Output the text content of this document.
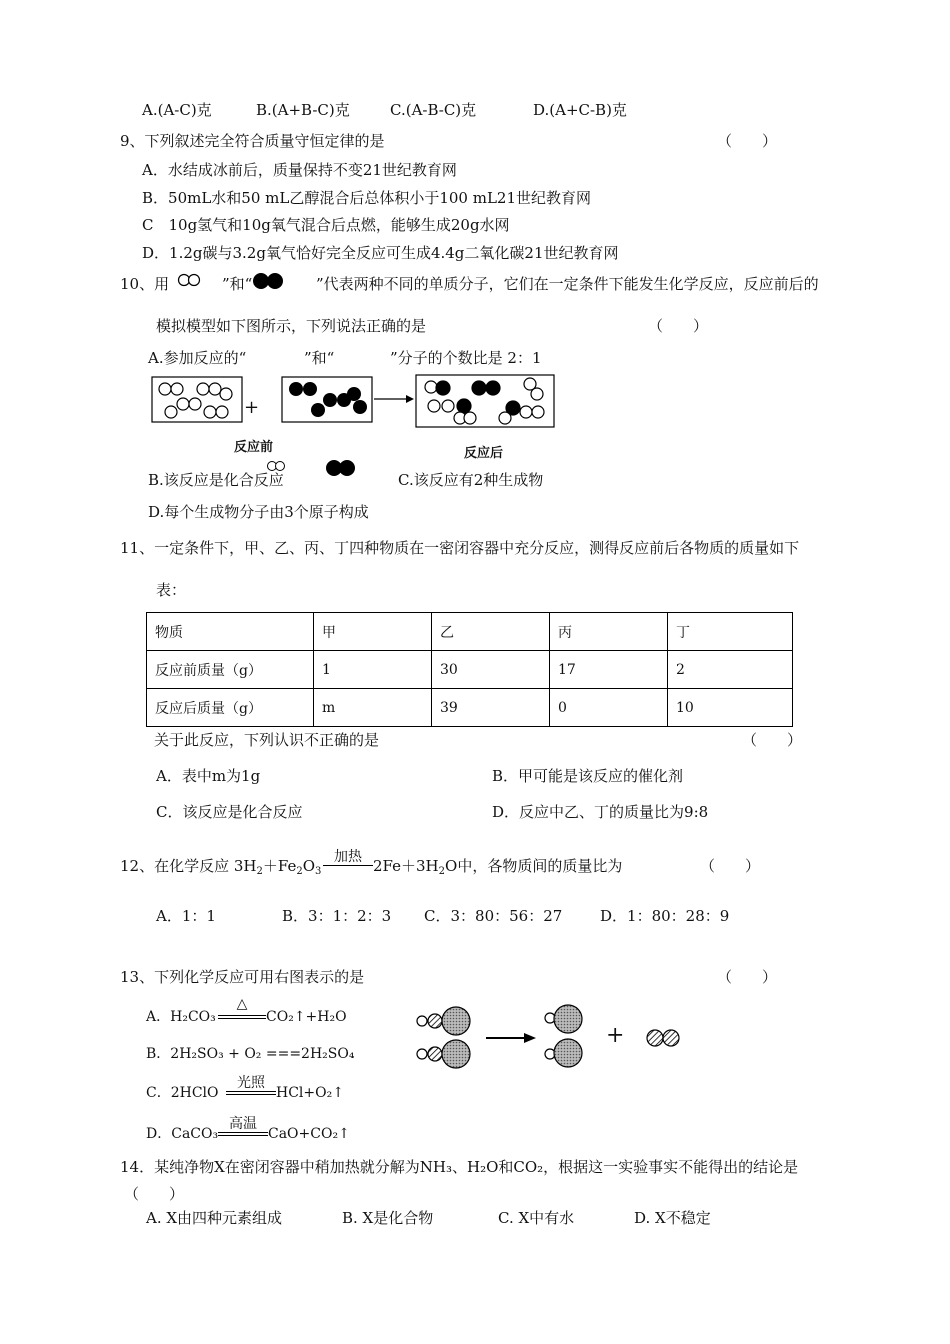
A.(A-C)克	B.(A+B-C)克	C.(A-B-C)克	D.(A+C-B)克
9、下列叙述完全符合质量守恒定律的是	（　　）
A．水结成冰前后，质量保持不变21世纪教育网
B．50mL水和50 mL乙醇混合后总体积小于100 mL21世纪教育网
C　10g氢气和10g氧气混合后点燃，能够生成20g水网
D．1.2g碳与3.2g氧气恰好完全反应可生成4.4g二氧化碳21世纪教育网
10、用	”和“	”代表两种不同的单质分子，它们在一定条件下能发生化学反应，反应前后的
模拟模型如下图所示，下列说法正确的是	（　　）
A.参加反应的“	”和“	”分子的个数比是 2：1
+
反应前	反应后
B.该反应是化合反应	C.该反应有2种生成物
D.每个生成物分子由3个原子构成
11、一定条件下，甲、乙、丙、丁四种物质在一密闭容器中充分反应，测得反应前后各物质的质量如下
表：
物质	甲	乙	丙	丁
反应前质量（g）	1	30	17	2
反应后质量（g）	m	39	0	10
关于此反应，下列认识不正确的是	（　　）
A．表中m为1g	B．甲可能是该反应的催化剂
C．该反应是化合反应	D．反应中乙、丁的质量比为9:8
12、在化学反应 $3H_2+Fe_2O_3$
加热 $2Fe+3H_2O$中，各物质间的质量比为	（　　）
A．1：1	B．3：1：2：3 C．3：80：56：27	D．1：80：28：9
13、下列化学反应可用右图表示的是	（　　）
A．H₂CO₃
△
CO₂↑+H₂O
B．2H₂SO₃ + O₂ ===2H₂SO₄
C．2HClO
光照
HCl+O₂↑
D．CaCO₃
高温
CaO+CO₂↑
+
14．某纯净物X在密闭容器中稍加热就分解为NH₃、H₂O和CO₂，根据这一实验事实不能得出的结论是
（　　）
A. X由四种元素组成	B. X是化合物	C. X中有水	D. X不稳定
